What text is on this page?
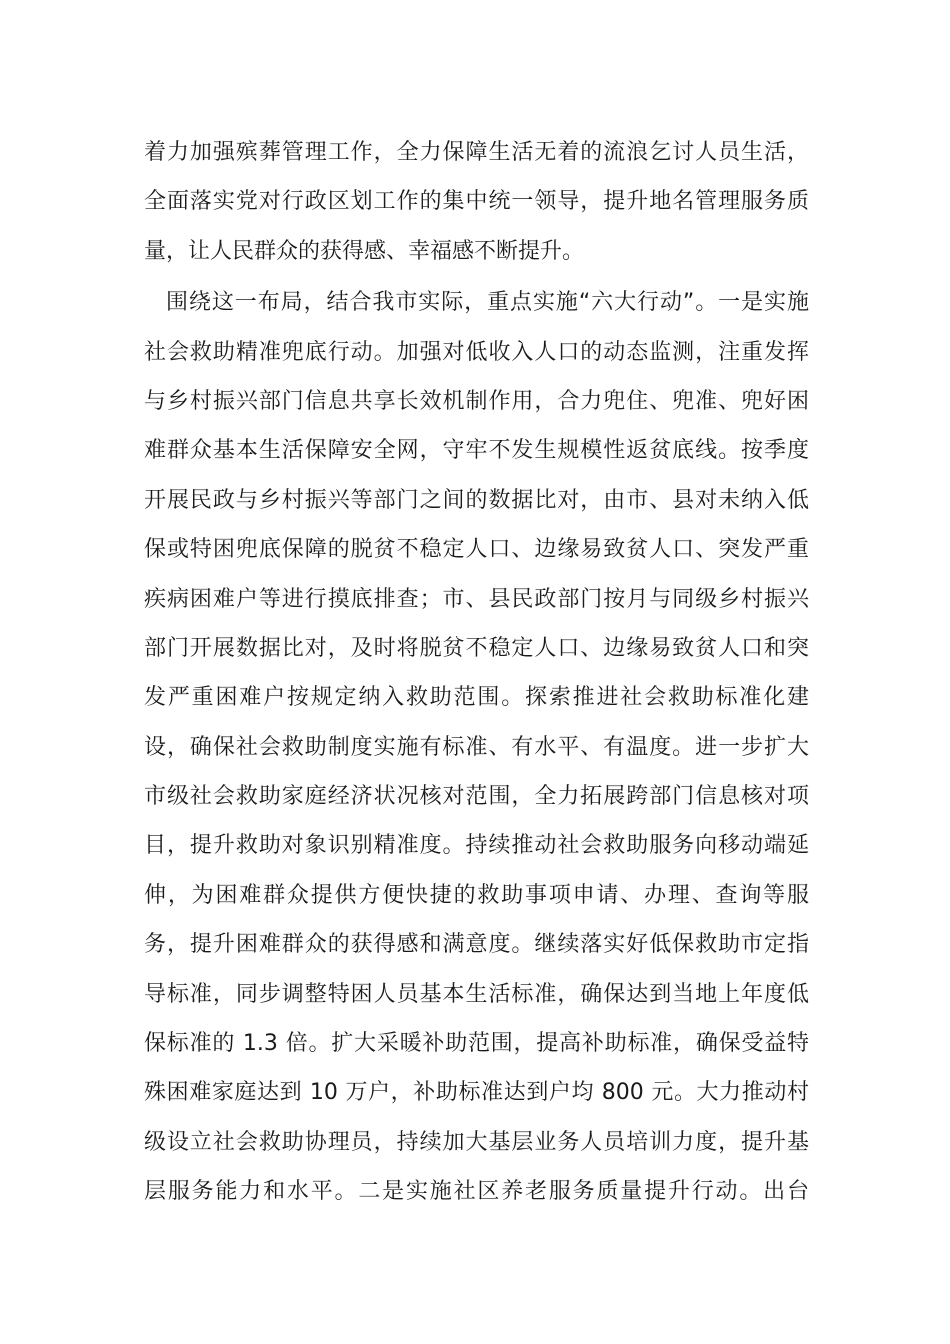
着力加强殡葬管理工作，全力保障生活无着的流浪乞讨人员生活，
全面落实党对行政区划工作的集中统一领导，提升地名管理服务质
量，让人民群众的获得感、幸福感不断提升。
围绕这一布局，结合我市实际，重点实施“六大行动”。一是实施
社会救助精准兜底行动。加强对低收入人口的动态监测，注重发挥
与乡村振兴部门信息共享长效机制作用，合力兜住、兜准、兜好困
难群众基本生活保障安全网，守牢不发生规模性返贫底线。按季度
开展民政与乡村振兴等部门之间的数据比对，由市、县对未纳入低
保或特困兜底保障的脱贫不稳定人口、边缘易致贫人口、突发严重
疾病困难户等进行摸底排查；市、县民政部门按月与同级乡村振兴
部门开展数据比对，及时将脱贫不稳定人口、边缘易致贫人口和突
发严重困难户按规定纳入救助范围。探索推进社会救助标准化建
设，确保社会救助制度实施有标准、有水平、有温度。进一步扩大
市级社会救助家庭经济状况核对范围，全力拓展跨部门信息核对项
目，提升救助对象识别精准度。持续推动社会救助服务向移动端延
伸，为困难群众提供方便快捷的救助事项申请、办理、查询等服
务，提升困难群众的获得感和满意度。继续落实好低保救助市定指
导标准，同步调整特困人员基本生活标准，确保达到当地上年度低
保标准的 1.3 倍。扩大采暖补助范围，提高补助标准，确保受益特
殊困难家庭达到 10 万户，补助标准达到户均 800 元。大力推动村
级设立社会救助协理员，持续加大基层业务人员培训力度，提升基
层服务能力和水平。二是实施社区养老服务质量提升行动。出台
